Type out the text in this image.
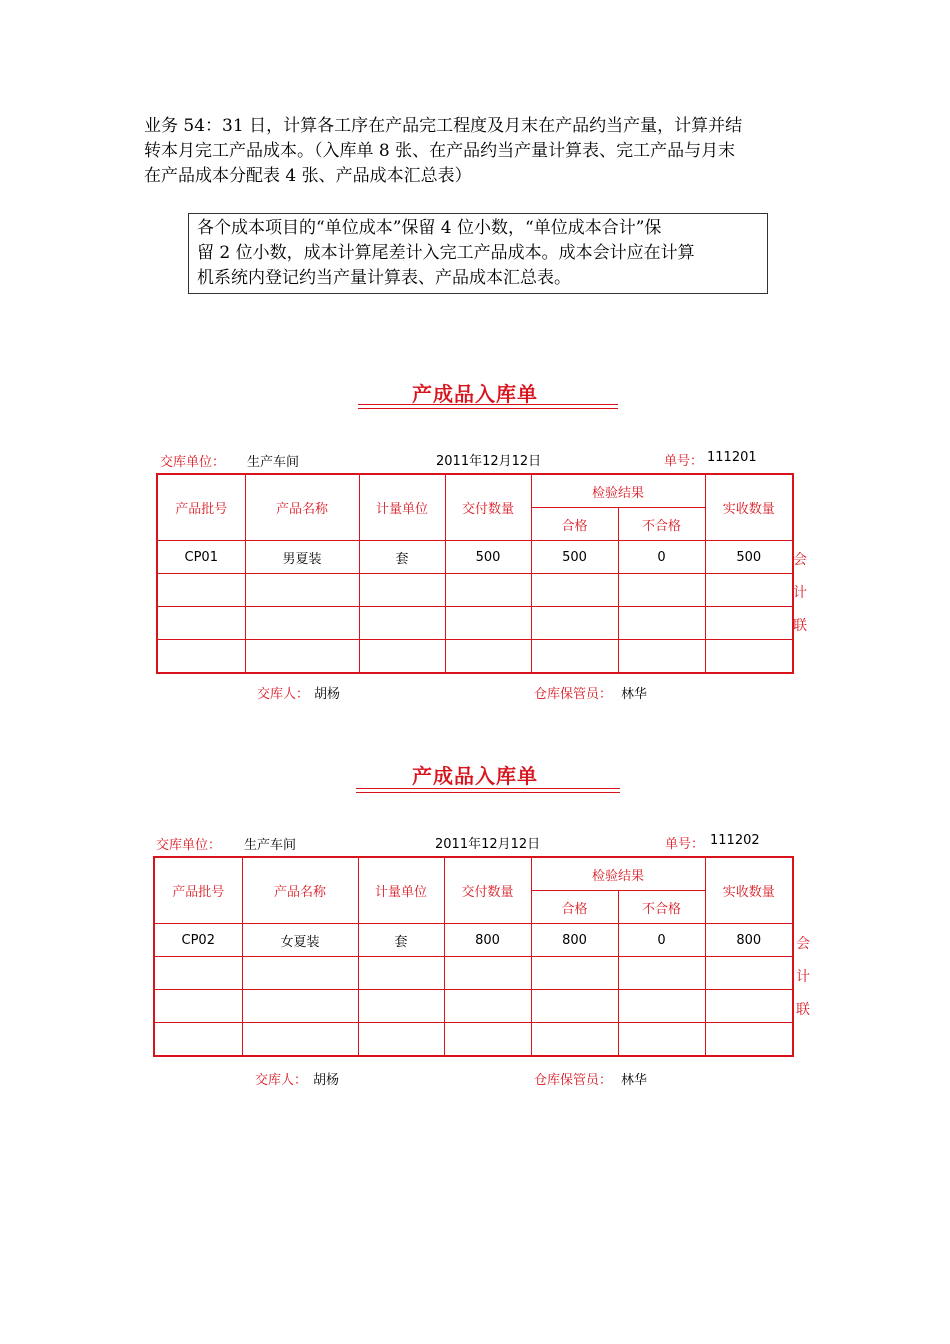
业务 54：31 日，计算各工序在产品完工程度及月末在产品约当产量，计算并结

转本月完工产品成本。（入库单 8 张、在产品约当产量计算表、完工产品与月末

在产品成本分配表 4 张、产品成本汇总表）

各个成本项目的“单位成本”保留 4 位小数，“单位成本合计”保
留 2 位小数，成本计算尾差计入完工产品成本。成本会计应在计算
机系统内登记约当产量计算表、产品成本汇总表。
产成品入库单
交库单位： 生产车间	2011年12月12日	单号： 111201
产品批号	产品名称	计量单位	交付数量	检验结果		实收数量
				合格	不合格	
CP01	男夏装	套	500	500	0	500

						会
计
联
交库人： 胡杨	仓库保管员： 林华
产成品入库单
交库单位： 生产车间	2011年12月12日	单号： 111202
产品批号	产品名称	计量单位	交付数量	检验结果		实收数量
				合格	不合格	
CP02	女夏装	套	800	800	0	800

						会
计
联
交库人： 胡杨	仓库保管员： 林华
